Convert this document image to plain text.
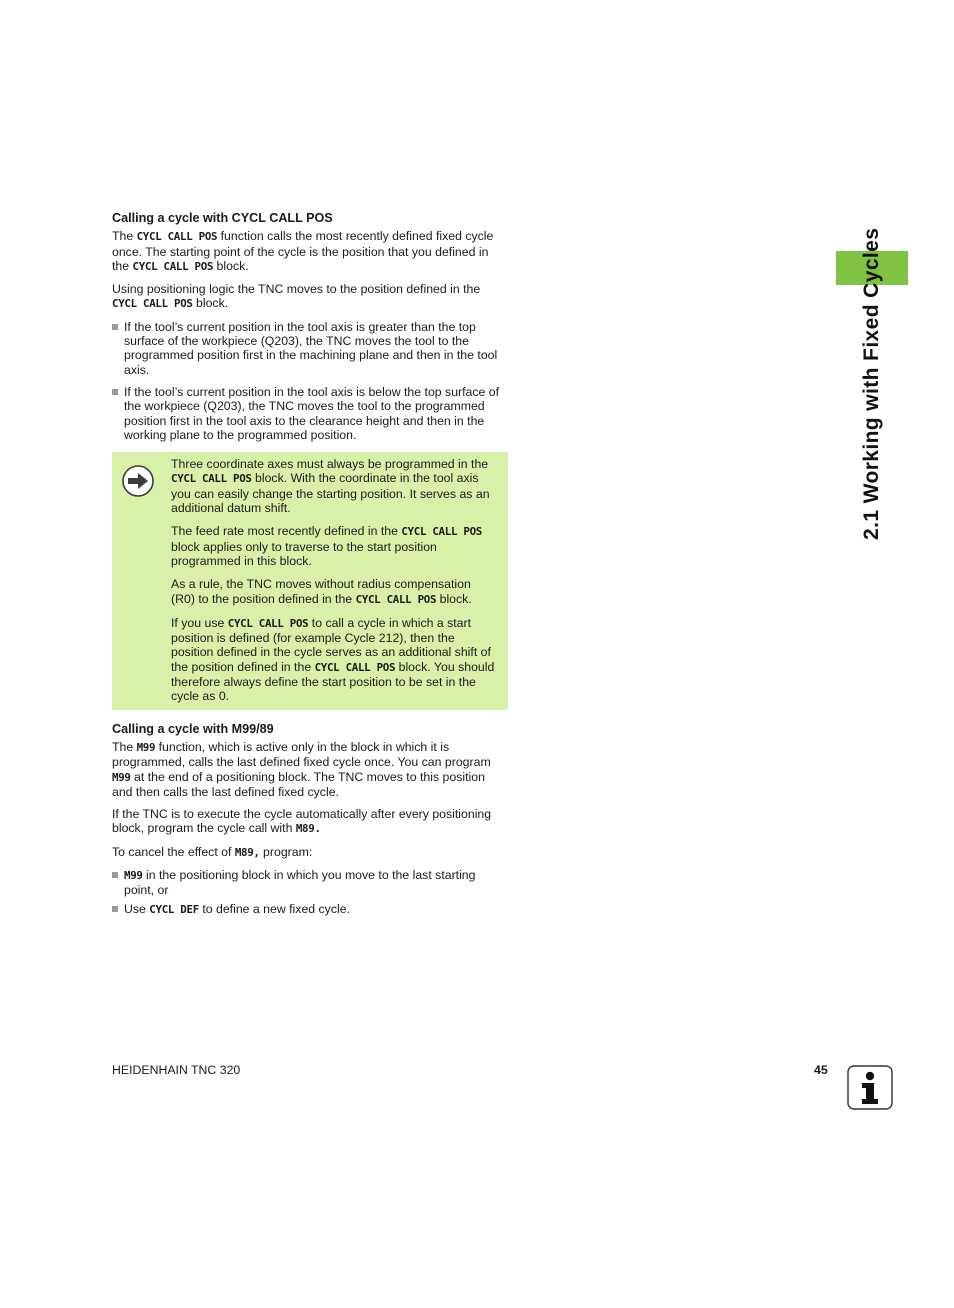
Calling a cycle with CYCL CALL POS
The CYCL CALL POS function calls the most recently defined fixed cycle once. The starting point of the cycle is the position that you defined in the CYCL CALL POS block.
Using positioning logic the TNC moves to the position defined in the CYCL CALL POS block.
If the tool’s current position in the tool axis is greater than the top surface of the workpiece (Q203), the TNC moves the tool to the programmed position first in the machining plane and then in the tool axis.
If the tool’s current position in the tool axis is below the top surface of the workpiece (Q203), the TNC moves the tool to the programmed position first in the tool axis to the clearance height and then in the working plane to the programmed position.
Three coordinate axes must always be programmed in the CYCL CALL POS block. With the coordinate in the tool axis you can easily change the starting position. It serves as an additional datum shift.
The feed rate most recently defined in the CYCL CALL POS block applies only to traverse to the start position programmed in this block.
As a rule, the TNC moves without radius compensation (R0) to the position defined in the CYCL CALL POS block.
If you use CYCL CALL POS to call a cycle in which a start position is defined (for example Cycle 212), then the position defined in the cycle serves as an additional shift of the position defined in the CYCL CALL POS block. You should therefore always define the start position to be set in the cycle as 0.
Calling a cycle with M99/89
The M99 function, which is active only in the block in which it is programmed, calls the last defined fixed cycle once. You can program M99 at the end of a positioning block. The TNC moves to this position and then calls the last defined fixed cycle.
If the TNC is to execute the cycle automatically after every positioning block, program the cycle call with M89.
To cancel the effect of M89, program:
M99 in the positioning block in which you move to the last starting point, or
Use CYCL DEF to define a new fixed cycle.
2.1 Working with Fixed Cycles
HEIDENHAIN TNC 320	45
